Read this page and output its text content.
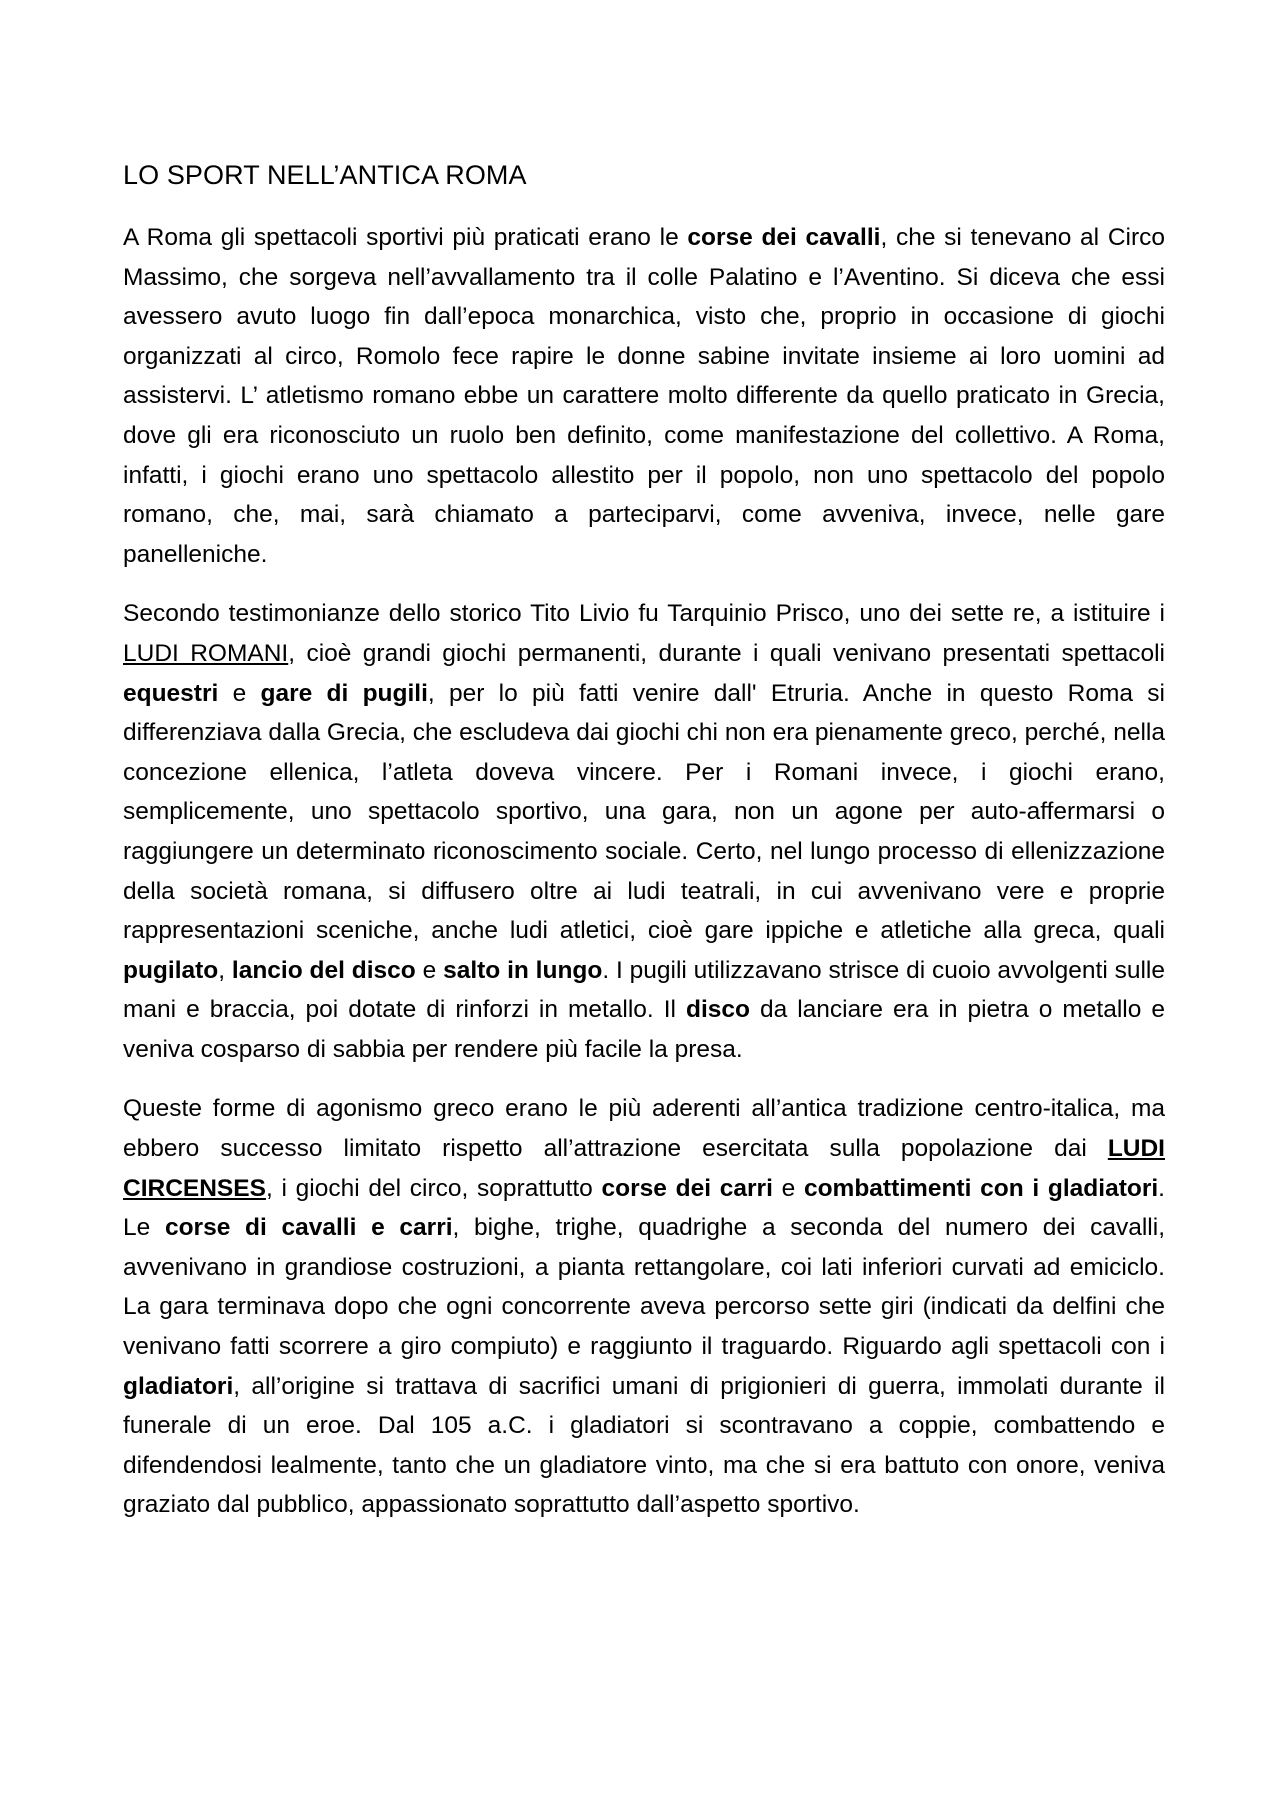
LO SPORT NELL’ANTICA ROMA

A Roma gli spettacoli sportivi più praticati erano le corse dei cavalli, che si tenevano al Circo Massimo, che sorgeva nell’avvallamento tra il colle Palatino e l’Aventino. Si diceva che essi avessero avuto luogo fin dall’epoca monarchica, visto che, proprio in occasione di giochi organizzati al circo, Romolo fece rapire le donne sabine invitate insieme ai loro uomini ad assistervi. L’ atletismo romano ebbe un carattere molto differente da quello praticato in Grecia, dove gli era riconosciuto un ruolo ben definito, come manifestazione del collettivo. A Roma, infatti, i giochi erano uno spettacolo allestito per il popolo, non uno spettacolo del popolo romano, che, mai, sarà chiamato a parteciparvi, come avveniva, invece, nelle gare panelleniche.

Secondo testimonianze dello storico Tito Livio fu Tarquinio Prisco, uno dei sette re, a istituire i LUDI ROMANI, cioè grandi giochi permanenti, durante i quali venivano presentati spettacoli equestri e gare di pugili, per lo più fatti venire dall' Etruria. Anche in questo Roma si differenziava dalla Grecia, che escludeva dai giochi chi non era pienamente greco, perché, nella concezione ellenica, l’atleta doveva vincere. Per i Romani invece, i giochi erano, semplicemente, uno spettacolo sportivo, una gara, non un agone per auto-affermarsi o raggiungere un determinato riconoscimento sociale. Certo, nel lungo processo di ellenizzazione della società romana, si diffusero oltre ai ludi teatrali, in cui avvenivano vere e proprie rappresentazioni sceniche, anche ludi atletici, cioè gare ippiche e atletiche alla greca, quali pugilato, lancio del disco e salto in lungo. I pugili utilizzavano strisce di cuoio avvolgenti sulle mani e braccia, poi dotate di rinforzi in metallo. Il disco da lanciare era in pietra o metallo e veniva cosparso di sabbia per rendere più facile la presa.

Queste forme di agonismo greco erano le più aderenti all’antica tradizione centro-italica, ma ebbero successo limitato rispetto all’attrazione esercitata sulla popolazione dai LUDI CIRCENSES, i giochi del circo, soprattutto corse dei carri e combattimenti con i gladiatori. Le corse di cavalli e carri, bighe, trighe, quadrighe a seconda del numero dei cavalli, avvenivano in grandiose costruzioni, a pianta rettangolare, coi lati inferiori curvati ad emiciclo. La gara terminava dopo che ogni concorrente aveva percorso sette giri (indicati da delfini che venivano fatti scorrere a giro compiuto) e raggiunto il traguardo. Riguardo agli spettacoli con i gladiatori, all’origine si trattava di sacrifici umani di prigionieri di guerra, immolati durante il funerale di un eroe. Dal 105 a.C. i gladiatori si scontravano a coppie, combattendo e difendendosi lealmente, tanto che un gladiatore vinto, ma che si era battuto con onore, veniva graziato dal pubblico, appassionato soprattutto dall’aspetto sportivo.
